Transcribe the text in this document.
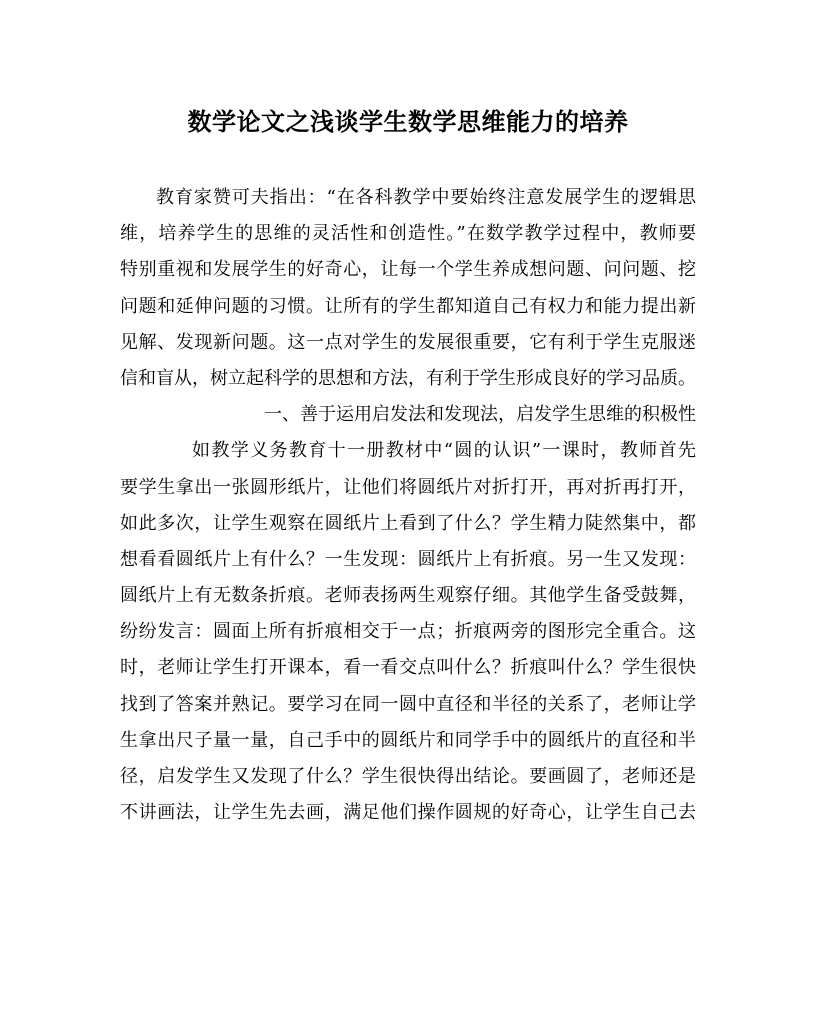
数学论文之浅谈学生数学思维能力的培养
教育家赞可夫指出：“在各科教学中要始终注意发展学生的逻辑思
维，培养学生的思维的灵活性和创造性。”在数学教学过程中，教师要
特别重视和发展学生的好奇心，让每一个学生养成想问题、问问题、挖
问题和延伸问题的习惯。让所有的学生都知道自己有权力和能力提出新
见解、发现新问题。这一点对学生的发展很重要，它有利于学生克服迷
信和盲从，树立起科学的思想和方法，有利于学生形成良好的学习品质。
一、善于运用启发法和发现法，启发学生思维的积极性
如教学义务教育十一册教材中“圆的认识”一课时，教师首先
要学生拿出一张圆形纸片，让他们将圆纸片对折打开，再对折再打开，
如此多次，让学生观察在圆纸片上看到了什么？学生精力陡然集中，都
想看看圆纸片上有什么？一生发现：圆纸片上有折痕。另一生又发现：
圆纸片上有无数条折痕。老师表扬两生观察仔细。其他学生备受鼓舞，
纷纷发言：圆面上所有折痕相交于一点；折痕两旁的图形完全重合。这
时，老师让学生打开课本，看一看交点叫什么？折痕叫什么？学生很快
找到了答案并熟记。要学习在同一圆中直径和半径的关系了，老师让学
生拿出尺子量一量，自己手中的圆纸片和同学手中的圆纸片的直径和半
径，启发学生又发现了什么？学生很快得出结论。要画圆了，老师还是
不讲画法，让学生先去画，满足他们操作圆规的好奇心，让学生自己去
